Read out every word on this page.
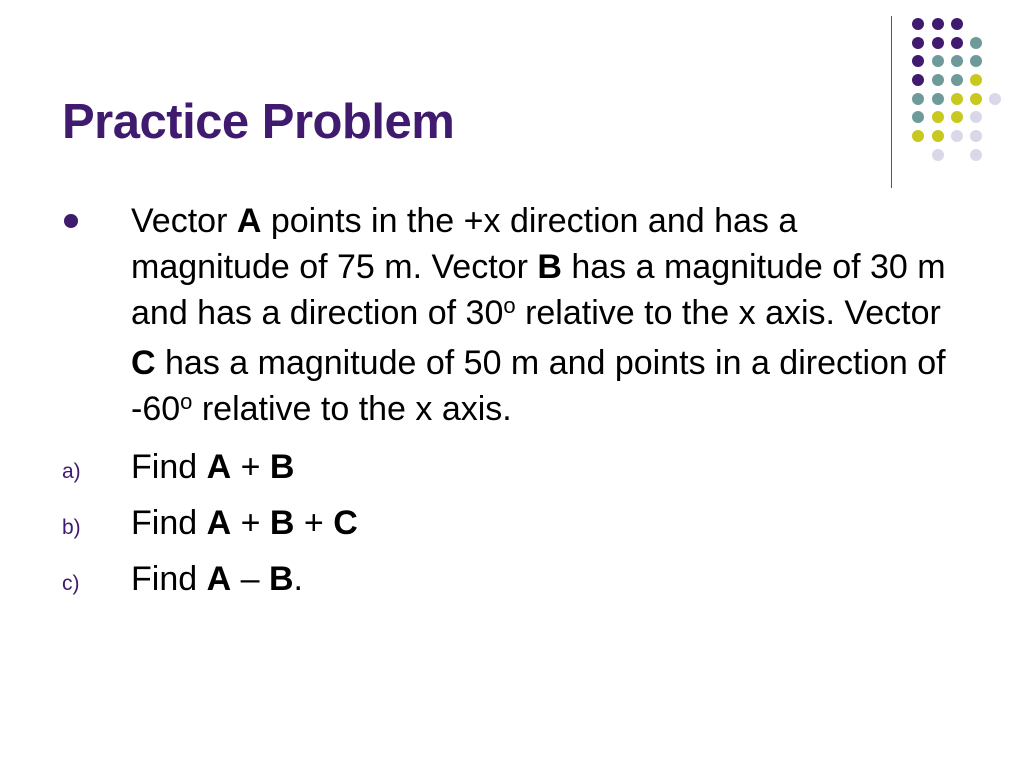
Practice Problem
Vector A points in the +x direction and has a magnitude of 75 m. Vector B has a magnitude of 30 m and has a direction of 30$^o$ relative to the x axis. Vector C has a magnitude of 50 m and points in a direction of -60$^o$ relative to the x axis.
a)	Find A + B
b)	Find A + B + C
c)	Find A – B.
